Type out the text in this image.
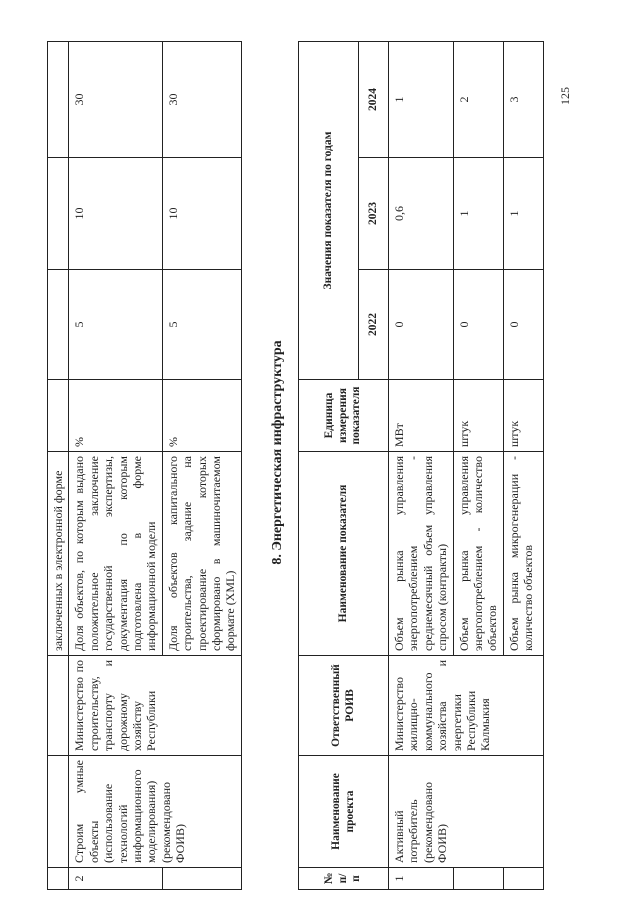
			заключенных в электронной форме				
2	Строим умные объекты (использование технологий информационного моделирования) (рекомендовано ФОИВ)	Министерство по строительству, транспорту и дорожному хозяйству Республики	Доля объектов, по которым выдано положительное заключение государственной экспертизы, документация по которым подготовлена в форме информационной модели	%	5	10	30
			Доля объектов капитального строительства, задание на проектирование которых сформировано в машиночитаемом формате (XML)	%	5	10	30
8. Энергетическая инфраструктура
№ п/п	Наименование проекта	Ответственный РОИВ	Наименование показателя	Единица измерения показателя	Значения показателя по годам		
					2022	2023	2024
1	Активный потребитель (рекомендовано ФОИВ)	Министерство жилищно-коммунального хозяйства и энергетики Республики Калмыкия	Объем рынка управления энергопотреблением - среднемесячный объем управления спросом (контракты)	МВт	0	0,6	1
			Объем рынка управления энергопотреблением - количество объектов	штук	0	1	2
			Объем рынка микрогенерации - количество объектов	штук	0	1	3	125
